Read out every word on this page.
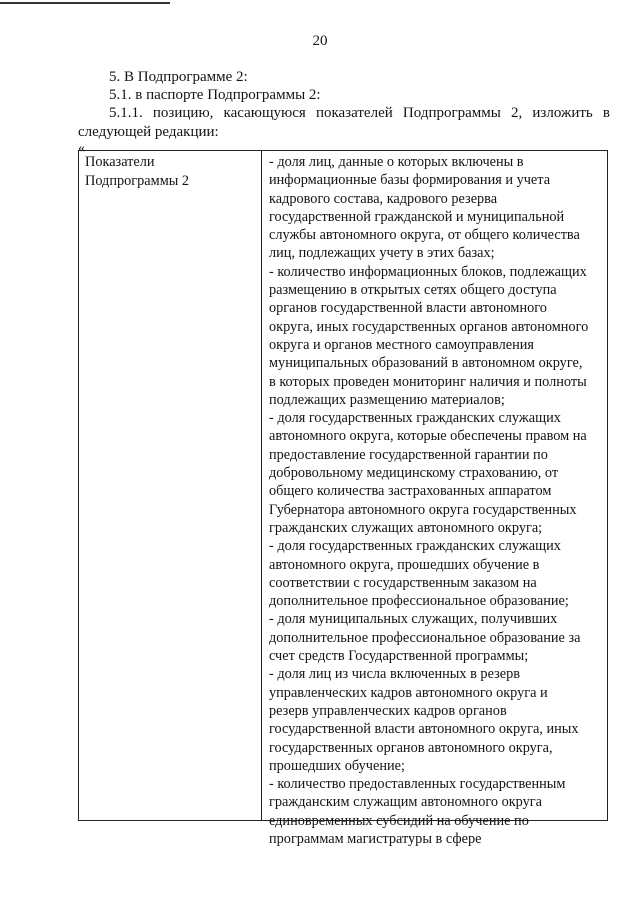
20
5. В Подпрограмме 2:
5.1. в паспорте Подпрограммы 2:
5.1.1. позицию, касающуюся показателей Подпрограммы 2, изложить в
следующей редакции:
«
Показатели
Подпрограммы 2
- доля лиц, данные о которых включены в
информационные базы формирования и учета
кадрового состава, кадрового резерва
государственной гражданской и муниципальной
службы автономного округа, от общего количества
лиц, подлежащих учету в этих базах;
- количество информационных блоков, подлежащих
размещению в открытых сетях общего доступа
органов государственной власти автономного
округа, иных государственных органов автономного
округа и органов местного самоуправления
муниципальных образований в автономном округе,
в которых проведен мониторинг наличия и полноты
подлежащих размещению материалов;
- доля государственных гражданских служащих
автономного округа, которые обеспечены правом на
предоставление государственной гарантии по
добровольному медицинскому страхованию, от
общего количества застрахованных аппаратом
Губернатора автономного округа государственных
гражданских служащих автономного округа;
- доля государственных гражданских служащих
автономного округа, прошедших обучение в
соответствии с государственным заказом на
дополнительное профессиональное образование;
- доля муниципальных служащих, получивших
дополнительное профессиональное образование за
счет средств Государственной программы;
- доля лиц из числа включенных в резерв
управленческих кадров автономного округа и
резерв управленческих кадров органов
государственной власти автономного округа, иных
государственных органов автономного округа,
прошедших обучение;
- количество предоставленных государственным
гражданским служащим автономного округа
единовременных субсидий на обучение по
программам магистратуры в сфере
